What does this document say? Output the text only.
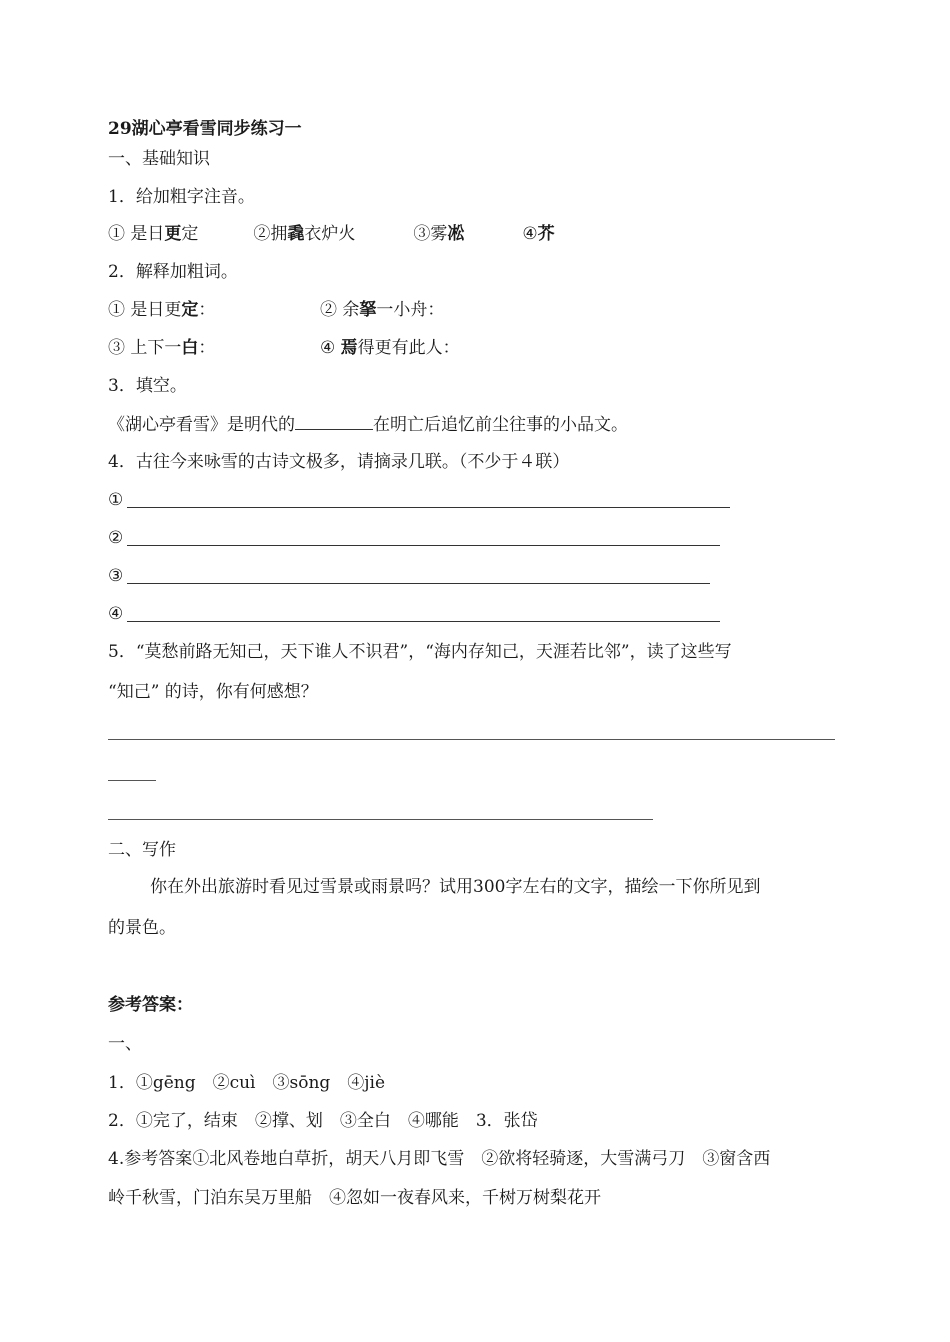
29湖心亭看雪同步练习一
一、基础知识
1．给加粗字注音。
① 是日更定	②拥毳衣炉火	③雾凇	④芥
2．解释加粗词。
① 是日更定：	② 余拏一小舟：
③ 上下一白：	④ 焉得更有此人：
3．填空。
《湖心亭看雪》是明代的	在明亡后追忆前尘往事的小品文。
4．古往今来咏雪的古诗文极多，请摘录几联。（不少于４联）
①
②
③
④
5．“莫愁前路无知己，天下谁人不识君”，“海内存知己，天涯若比邻”，读了这些写
“知己” 的诗，你有何感想？
二、写作
你在外出旅游时看见过雪景或雨景吗？试用300字左右的文字，描绘一下你所见到
的景色。
参考答案：
一、
1．①gēng　②cuì　③sōng　④jiè
2．①完了，结束　②撑、划　③全白　④哪能　3．张岱
4.参考答案①北风卷地白草折，胡天八月即飞雪　②欲将轻骑逐，大雪满弓刀　③窗含西
岭千秋雪，门泊东吴万里船　④忽如一夜春风来，千树万树梨花开
